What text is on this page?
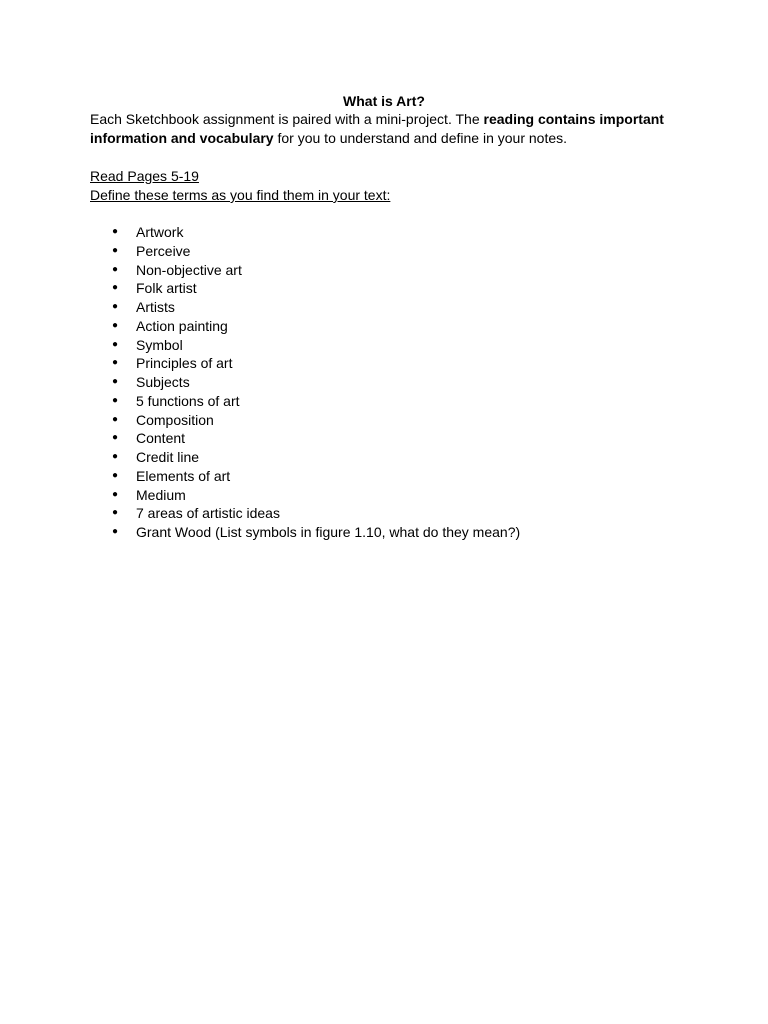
What is Art?
Each Sketchbook assignment is paired with a mini-project. The reading contains important information and vocabulary for you to understand and define in your notes.
Read Pages 5-19
Define these terms as you find them in your text:
● Artwork
● Perceive
● Non-objective art
● Folk artist
● Artists
● Action painting
● Symbol
● Principles of art
● Subjects
● 5 functions of art
● Composition
● Content
● Credit line
● Elements of art
● Medium
● 7 areas of artistic ideas
● Grant Wood (List symbols in figure 1.10, what do they mean?)
